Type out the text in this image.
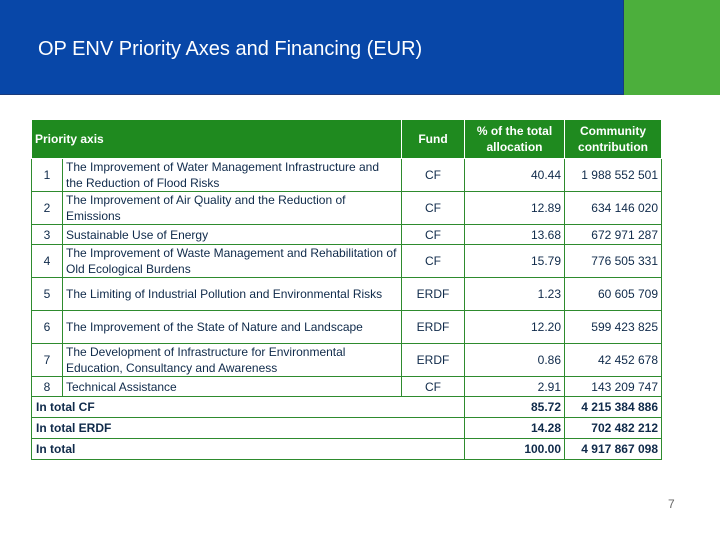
OP ENV Priority Axes and Financing (EUR)
Priority axis		Fund	% of the total allocation	Community contribution
1	The Improvement of Water Management Infrastructure and the Reduction of Flood Risks	CF	40.44	1 988 552 501
2	The Improvement of Air Quality and the Reduction of Emissions	CF	12.89	634 146 020
3	Sustainable Use of Energy	CF	13.68	672 971 287
4	The Improvement of Waste Management and Rehabilitation of Old Ecological Burdens	CF	15.79	776 505 331
5	The Limiting of Industrial Pollution and Environmental Risks	ERDF	1.23	60 605 709
6	The Improvement of the State of Nature and Landscape	ERDF	12.20	599 423 825
7	The Development of Infrastructure for Environmental Education, Consultancy and Awareness	ERDF	0.86	42 452 678
8	Technical Assistance	CF	2.91	143 209 747
In total CF			85.72	4 215 384 886
In total ERDF			14.28	702 482 212
In total			100.00	4 917 867 098
7
